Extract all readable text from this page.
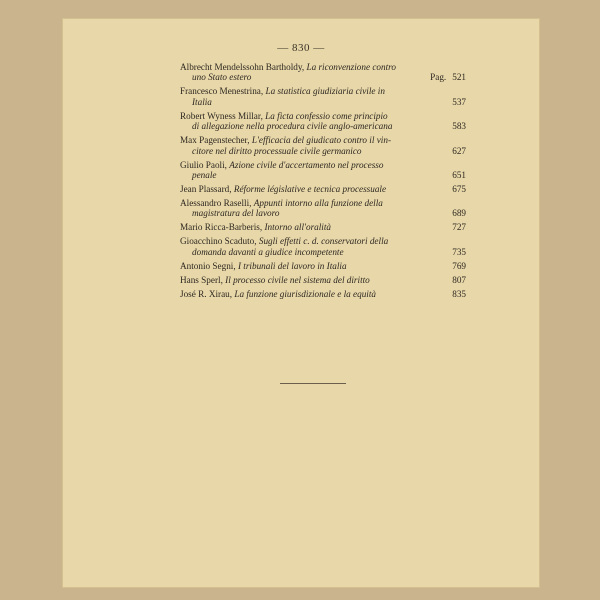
— 830 —
Albrecht Mendelssohn Bartholdy, La riconvenzione contro
uno Stato estero	Pag. 521
Francesco Menestrina, La statistica giudiziaria civile in
Italia	537
Robert Wyness Millar, La ficta confessio come principio
di allegazione nella procedura civile anglo-americana	583
Max Pagenstecher, L'efficacia del giudicato contro il vin-
citore nel diritto processuale civile germanico	627
Giulio Paoli, Azione civile d'accertamento nel processo
penale	651
Jean Plassard, Réforme législative e tecnica processuale	675
Alessandro Raselli, Appunti intorno alla funzione della
magistratura del lavoro	689
Mario Ricca-Barberis, Intorno all'oralità	727
Gioacchino Scaduto, Sugli effetti c. d. conservatori della
domanda davanti a giudice incompetente	735
Antonio Segni, I tribunali del lavoro in Italia	769
Hans Sperl, Il processo civile nel sistema del diritto	807
José R. Xirau, La funzione giurisdizionale e la equità	835
